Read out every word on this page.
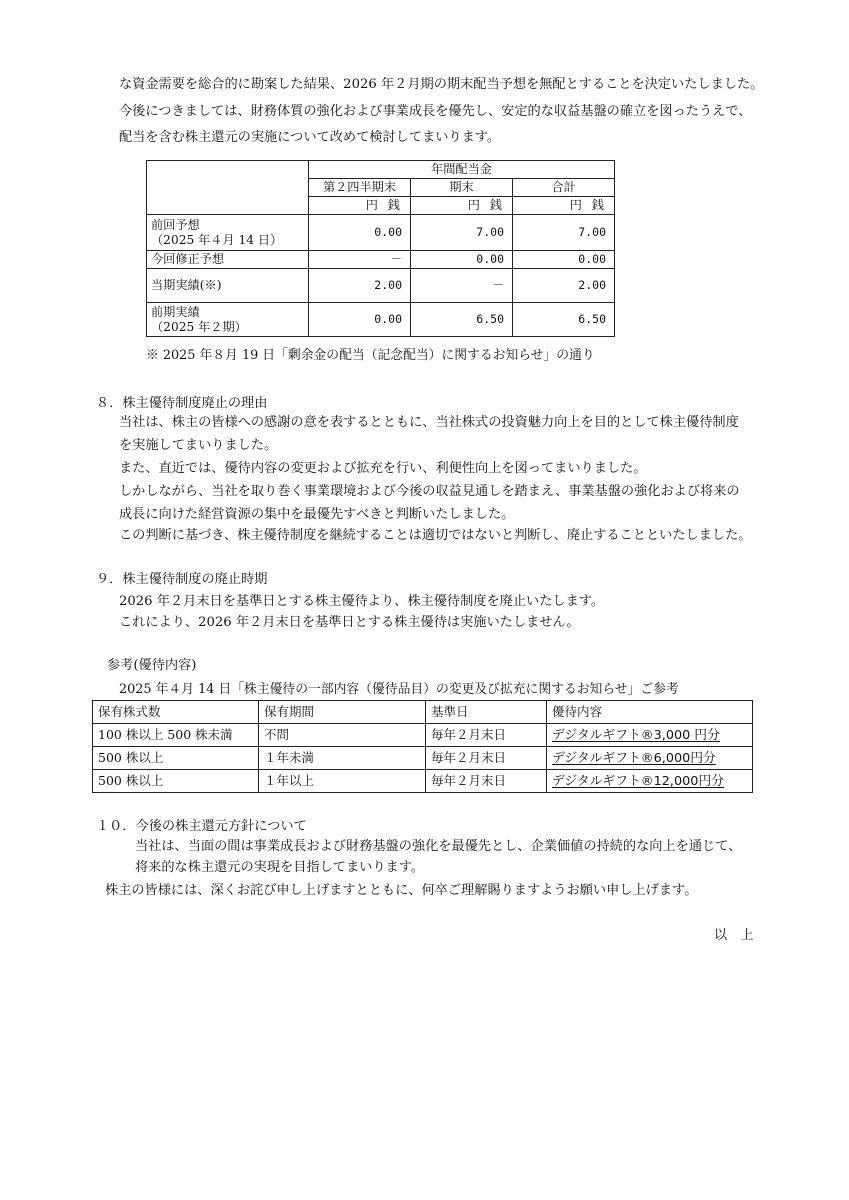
な資金需要を総合的に勘案した結果、2026 年２月期の期末配当予想を無配とすることを決定いたしました。
今後につきましては、財務体質の強化および事業成長を優先し、安定的な収益基盤の確立を図ったうえで、
配当を含む株主還元の実施について改めて検討してまいります。
	年間配当金		
	第２四半期末	期末	合計
	円 銭	円 銭	円 銭

前回予想
（2025 年４月 14 日）	0.00	7.00	7.00
今回修正予想	－	0.00	0.00
当期実績(※)	2.00	－	2.00

前期実績
（2025 年２期）	0.00	6.50	6.50
※ 2025 年８月 19 日「剰余金の配当（記念配当）に関するお知らせ」の通り
８．株主優待制度廃止の理由
当社は、株主の皆様への感謝の意を表するとともに、当社株式の投資魅力向上を目的として株主優待制度
を実施してまいりました。
また、直近では、優待内容の変更および拡充を行い、利便性向上を図ってまいりました。
しかしながら、当社を取り巻く事業環境および今後の収益見通しを踏まえ、事業基盤の強化および将来の
成長に向けた経営資源の集中を最優先すべきと判断いたしました。
この判断に基づき、株主優待制度を継続することは適切ではないと判断し、廃止することといたしました。
９．株主優待制度の廃止時期
2026 年２月末日を基準日とする株主優待より、株主優待制度を廃止いたします。
これにより、2026 年２月末日を基準日とする株主優待は実施いたしません。
参考(優待内容)
2025 年４月 14 日「株主優待の一部内容（優待品目）の変更及び拡充に関するお知らせ」ご参考
保有株式数	保有期間	基準日	優待内容
100 株以上 500 株未満	不問	毎年２月末日	デジタルギフト®3,000 円分
500 株以上	１年未満	毎年２月末日	デジタルギフト®6,000円分
500 株以上	１年以上	毎年２月末日	デジタルギフト®12,000円分
１０．今後の株主還元方針について
当社は、当面の間は事業成長および財務基盤の強化を最優先とし、企業価値の持続的な向上を通じて、
将来的な株主還元の実現を目指してまいります。
株主の皆様には、深くお詫び申し上げますとともに、何卒ご理解賜りますようお願い申し上げます。
以　上
